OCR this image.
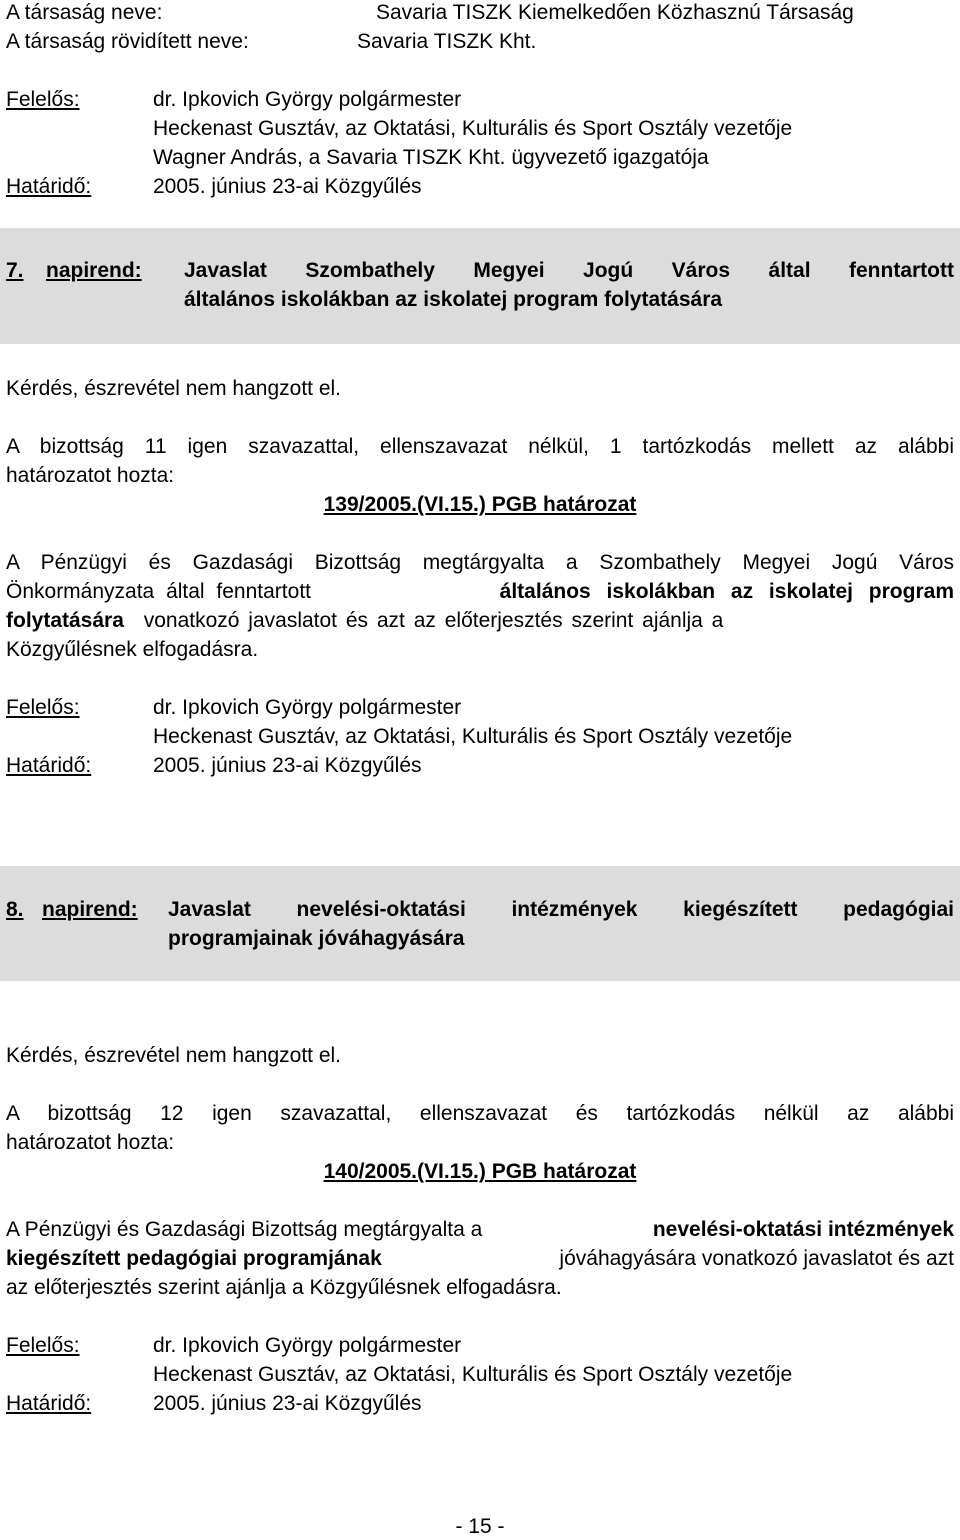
A társaság neve:	Savaria TISZK Kiemelkedően Közhasznú Társaság
A társaság rövidített neve:	Savaria TISZK Kht.
Felelős:	dr. Ipkovich György polgármester
Heckenast Gusztáv, az Oktatási, Kulturális és Sport Osztály vezetője
Wagner András, a Savaria TISZK Kht. ügyvezető igazgatója
Határidő:	2005. június 23-ai Közgyűlés
7. napirend: Javaslat Szombathely Megyei Jogú Város által fenntartott
általános iskolákban az iskolatej program folytatására
Kérdés, észrevétel nem hangzott el.
A bizottság 11 igen szavazattal, ellenszavazat nélkül, 1 tartózkodás mellett az alábbi
határozatot hozta:
139/2005.(VI.15.) PGB határozat
A Pénzügyi és Gazdasági Bizottság megtárgyalta a Szombathely Megyei Jogú Város
Önkormányzata által fenntartott	általános iskolákban az iskolatej program
folytatására vonatkozó javaslatot és azt az előterjesztés szerint ajánlja a
Közgyűlésnek elfogadásra.
Felelős:	dr. Ipkovich György polgármester
Heckenast Gusztáv, az Oktatási, Kulturális és Sport Osztály vezetője
Határidő:	2005. június 23-ai Közgyűlés
8. napirend: Javaslat nevelési-oktatási intézmények kiegészített pedagógiai
programjainak jóváhagyására
Kérdés, észrevétel nem hangzott el.
A bizottság 12 igen szavazattal, ellenszavazat és tartózkodás nélkül az alábbi
határozatot hozta:
140/2005.(VI.15.) PGB határozat
A Pénzügyi és Gazdasági Bizottság megtárgyalta a	nevelési-oktatási intézmények
kiegészített pedagógiai programjának	jóváhagyására vonatkozó javaslatot és azt
az előterjesztés szerint ajánlja a Közgyűlésnek elfogadásra.
Felelős:	dr. Ipkovich György polgármester
Heckenast Gusztáv, az Oktatási, Kulturális és Sport Osztály vezetője
Határidő:	2005. június 23-ai Közgyűlés
- 15 -
